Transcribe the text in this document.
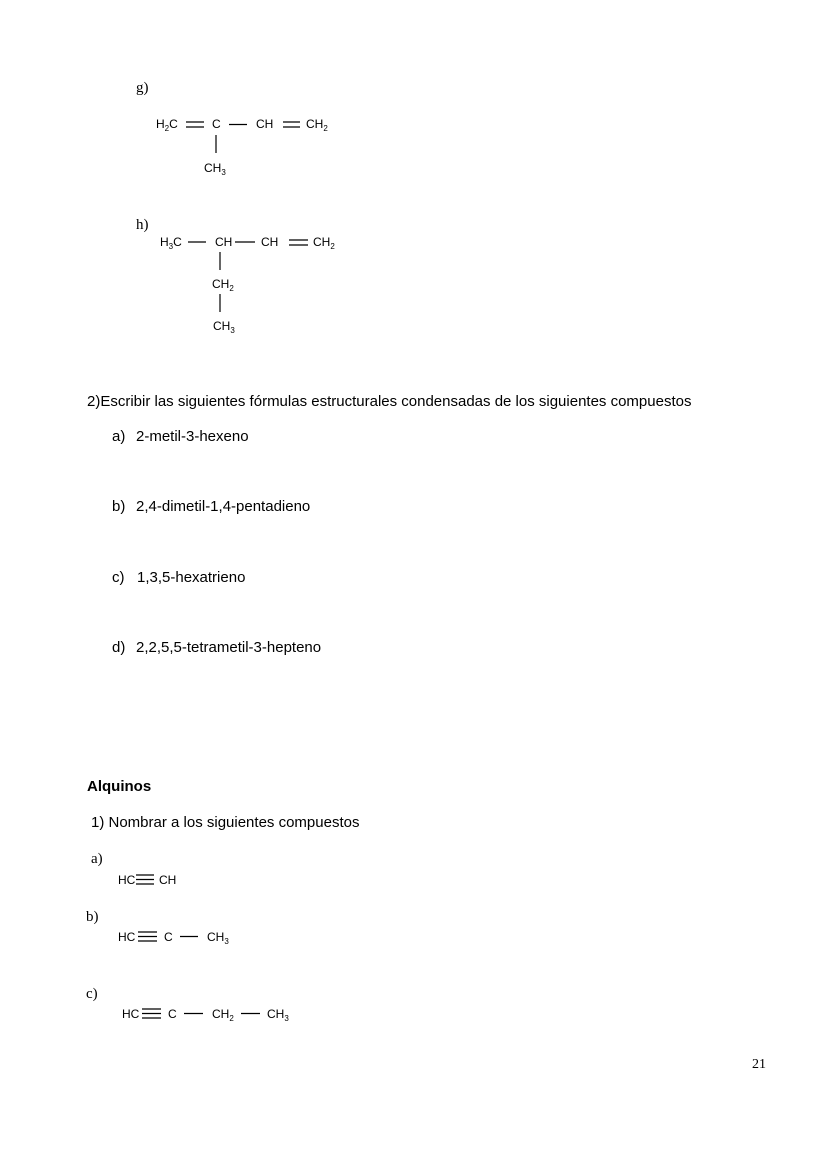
g)
$H_2C$	C	CH	$CH_2$
$CH_3$
h)
$H_3C$	CH CH	$CH_2$
$CH_2$
$CH_3$
2)Escribir las siguientes fórmulas estructurales condensadas de los siguientes compuestos
a) 2-metil-3-hexeno
b) 2,4-dimetil-1,4-pentadieno
c) 1,3,5-hexatrieno
d) 2,2,5,5-tetrametil-3-hepteno
Alquinos
1) Nombrar a los siguientes compuestos
a)
HC CH
b)
HC C	$CH_3$
c)
HC C	$CH_2$	$CH_3$
21
